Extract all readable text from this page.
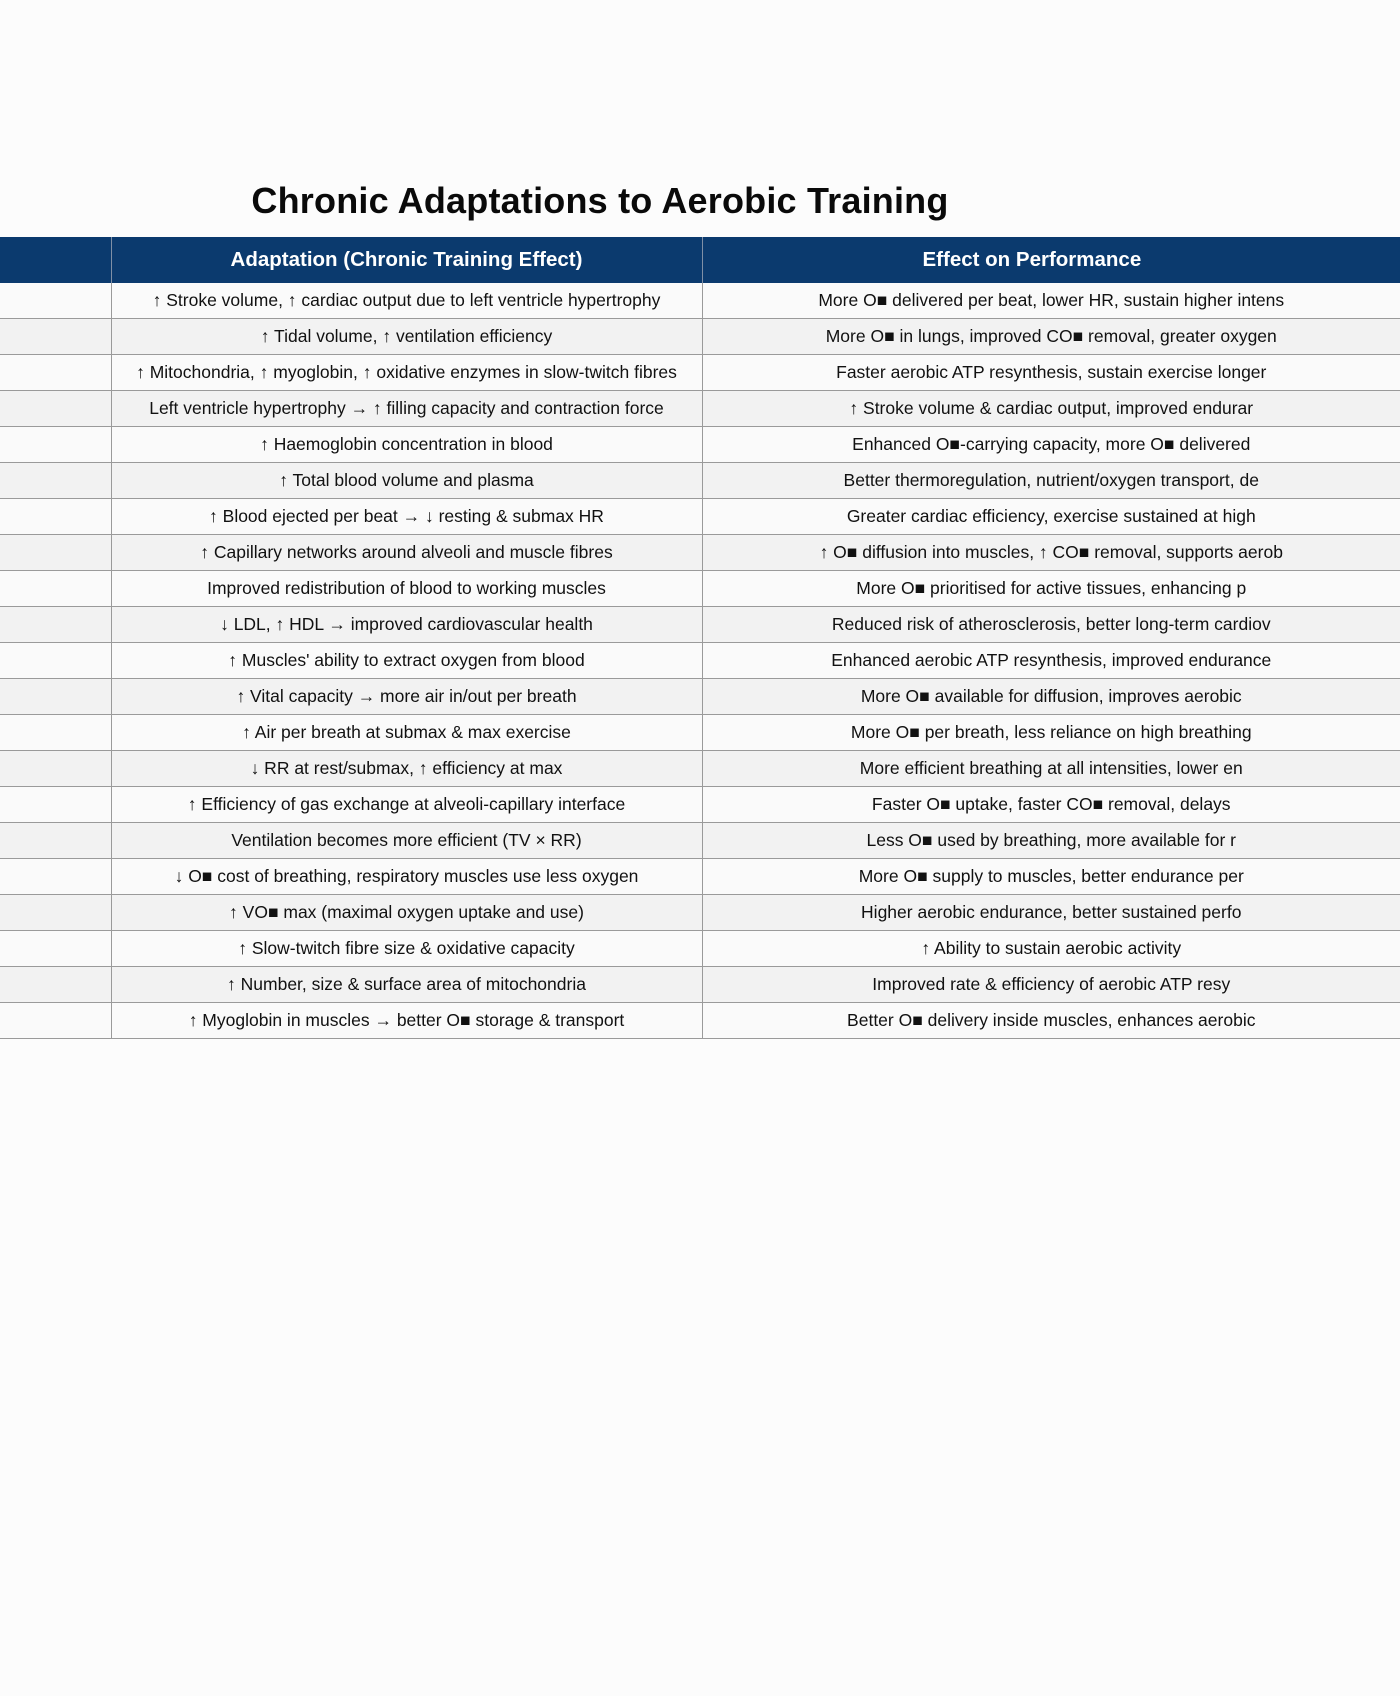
Chronic Adaptations to Aerobic Training
	Adaptation (Chronic Training Effect)	Effect on Performance
	↑ Stroke volume, ↑ cardiac output due to left ventricle hypertrophy	More O■ delivered per beat, lower HR, sustain higher intens
	↑ Tidal volume, ↑ ventilation efficiency	More O■ in lungs, improved CO■ removal, greater oxygen
	↑ Mitochondria, ↑ myoglobin, ↑ oxidative enzymes in slow-twitch fibres	Faster aerobic ATP resynthesis, sustain exercise longer
	Left ventricle hypertrophy → ↑ filling capacity and contraction force	↑ Stroke volume & cardiac output, improved endurar
	↑ Haemoglobin concentration in blood	Enhanced O■-carrying capacity, more O■ delivered
	↑ Total blood volume and plasma	Better thermoregulation, nutrient/oxygen transport, de
	↑ Blood ejected per beat → ↓ resting & submax HR	Greater cardiac efficiency, exercise sustained at high
	↑ Capillary networks around alveoli and muscle fibres	↑ O■ diffusion into muscles, ↑ CO■ removal, supports aerob
	Improved redistribution of blood to working muscles	More O■ prioritised for active tissues, enhancing p
	↓ LDL, ↑ HDL → improved cardiovascular health	Reduced risk of atherosclerosis, better long-term cardiov
	↑ Muscles' ability to extract oxygen from blood	Enhanced aerobic ATP resynthesis, improved endurance
	↑ Vital capacity → more air in/out per breath	More O■ available for diffusion, improves aerobic
	↑ Air per breath at submax & max exercise	More O■ per breath, less reliance on high breathing
	↓ RR at rest/submax, ↑ efficiency at max	More efficient breathing at all intensities, lower en
	↑ Efficiency of gas exchange at alveoli-capillary interface	Faster O■ uptake, faster CO■ removal, delays
	Ventilation becomes more efficient (TV × RR)	Less O■ used by breathing, more available for r
	↓ O■ cost of breathing, respiratory muscles use less oxygen	More O■ supply to muscles, better endurance per
	↑ VO■ max (maximal oxygen uptake and use)	Higher aerobic endurance, better sustained perfo
	↑ Slow-twitch fibre size & oxidative capacity	↑ Ability to sustain aerobic activity
	↑ Number, size & surface area of mitochondria	Improved rate & efficiency of aerobic ATP resy
	↑ Myoglobin in muscles → better O■ storage & transport	Better O■ delivery inside muscles, enhances aerobic
